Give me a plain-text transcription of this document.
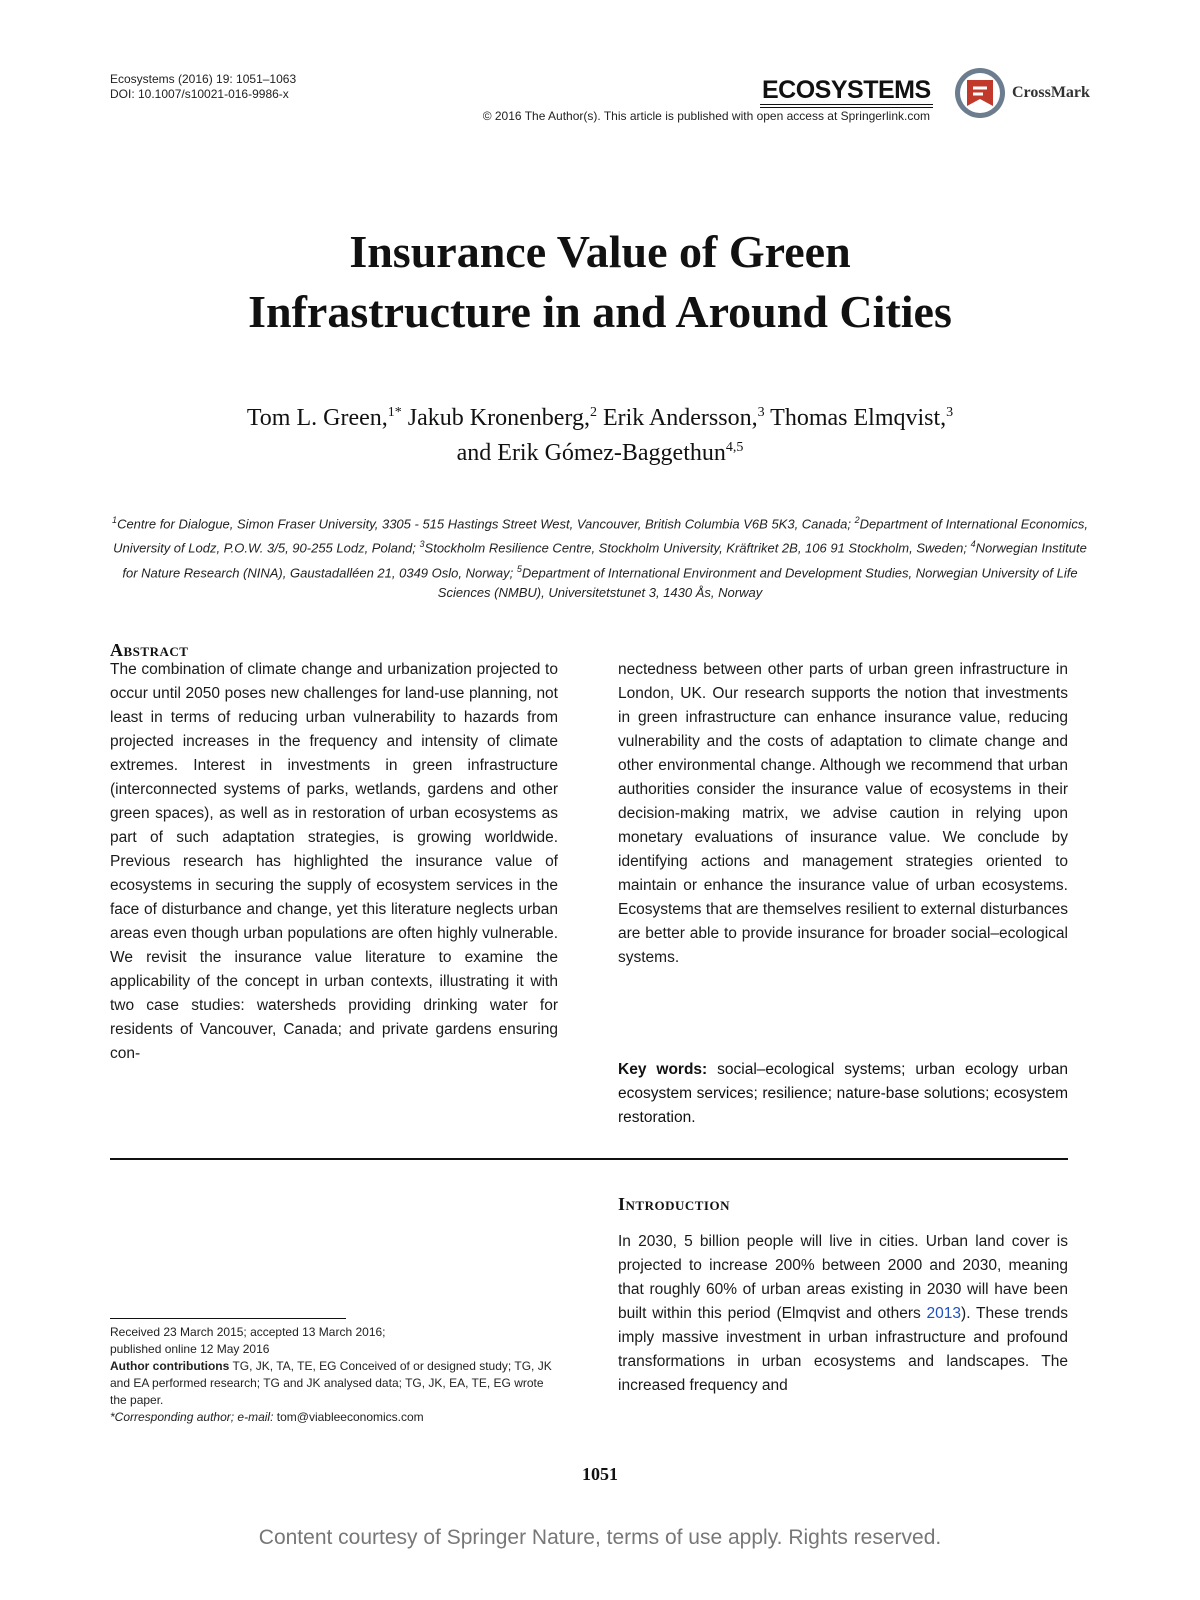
Ecosystems (2016) 19: 1051–1063
DOI: 10.1007/s10021-016-9986-x	ECOSYSTEMS	CrossMark
© 2016 The Author(s). This article is published with open access at Springerlink.com
Insurance Value of Green
Infrastructure in and Around Cities
Tom L. Green,$^{1*}$ Jakub Kronenberg,$^2$ Erik Andersson,$^3$ Thomas Elmqvist,$^3$
and Erik Gómez-Baggethun$^{4,5}$
$^1$Centre for Dialogue, Simon Fraser University, 3305 - 515 Hastings Street West, Vancouver, British Columbia V6B 5K3, Canada; $^2$Department of International Economics, University of Lodz, P.O.W. 3/5, 90-255 Lodz, Poland; $^3$Stockholm Resilience Centre, Stockholm University, Kräftriket 2B, 106 91 Stockholm, Sweden; $^4$Norwegian Institute for Nature Research (NINA), Gaustadalléen 21, 0349 Oslo, Norway; $^5$Department of International Environment and Development Studies, Norwegian University of Life Sciences (NMBU), Universitetstunet 3, 1430 Ås, Norway
Abstract
The combination of climate change and urbanization projected to occur until 2050 poses new challenges for land-use planning, not least in terms of reducing urban vulnerability to hazards from projected increases in the frequency and intensity of climate extremes. Interest in investments in green infrastructure (interconnected systems of parks, wetlands, gardens and other green spaces), as well as in restoration of urban ecosystems as part of such adaptation strategies, is growing worldwide. Previous research has highlighted the insurance value of ecosystems in securing the supply of ecosystem services in the face of disturbance and change, yet this literature neglects urban areas even though urban populations are often highly vulnerable. We revisit the insurance value literature to examine the applicability of the concept in urban contexts, illustrating it with two case studies: watersheds providing drinking water for residents of Vancouver, Canada; and private gardens ensuring con-
nectedness between other parts of urban green infrastructure in London, UK. Our research supports the notion that investments in green infrastructure can enhance insurance value, reducing vulnerability and the costs of adaptation to climate change and other environmental change. Although we recommend that urban authorities consider the insurance value of ecosystems in their decision-making matrix, we advise caution in relying upon monetary evaluations of insurance value. We conclude by identifying actions and management strategies oriented to maintain or enhance the insurance value of urban ecosystems. Ecosystems that are themselves resilient to external disturbances are better able to provide insurance for broader social–ecological systems.
Key words: social–ecological systems; urban ecology urban ecosystem services; resilience; nature-base solutions; ecosystem restoration.
Introduction
In 2030, 5 billion people will live in cities. Urban land cover is projected to increase 200% between 2000 and 2030, meaning that roughly 60% of urban areas existing in 2030 will have been built within this period (Elmqvist and others 2013). These trends imply massive investment in urban infrastructure and profound transformations in urban ecosystems and landscapes. The increased frequency and
Received 23 March 2015; accepted 13 March 2016;
published online 12 May 2016
Author contributions TG, JK, TA, TE, EG Conceived of or designed study; TG, JK and EA performed research; TG and JK analysed data; TG, JK, EA, TE, EG wrote the paper.
*Corresponding author; e-mail: tom@viableeconomics.com
1051
Content courtesy of Springer Nature, terms of use apply. Rights reserved.
